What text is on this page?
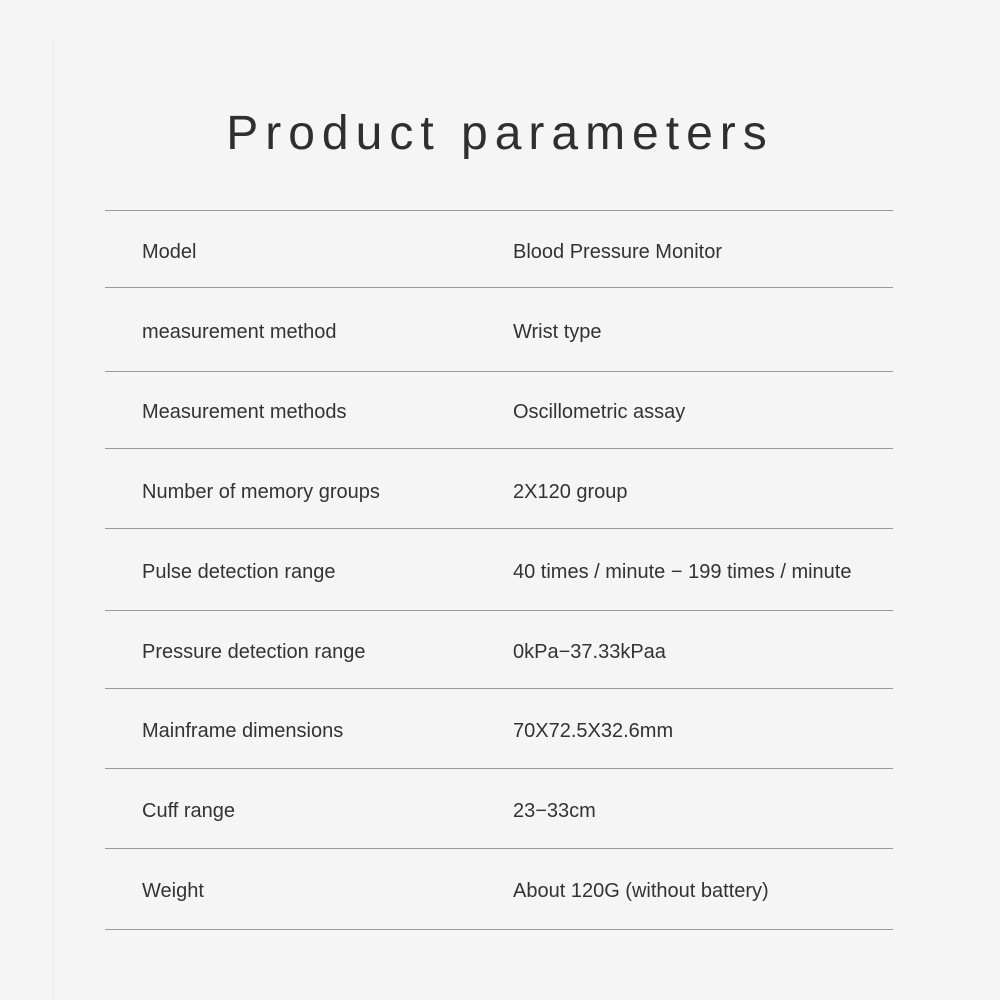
Product parameters
Model	Blood Pressure Monitor
measurement method	Wrist type
Measurement methods	Oscillometric assay
Number of memory groups	2X120 group
Pulse detection range	40 times / minute − 199 times / minute
Pressure detection range	0kPa−37.33kPaa
Mainframe dimensions	70X72.5X32.6mm
Cuff range	23−33cm
Weight	About 120G (without battery)
